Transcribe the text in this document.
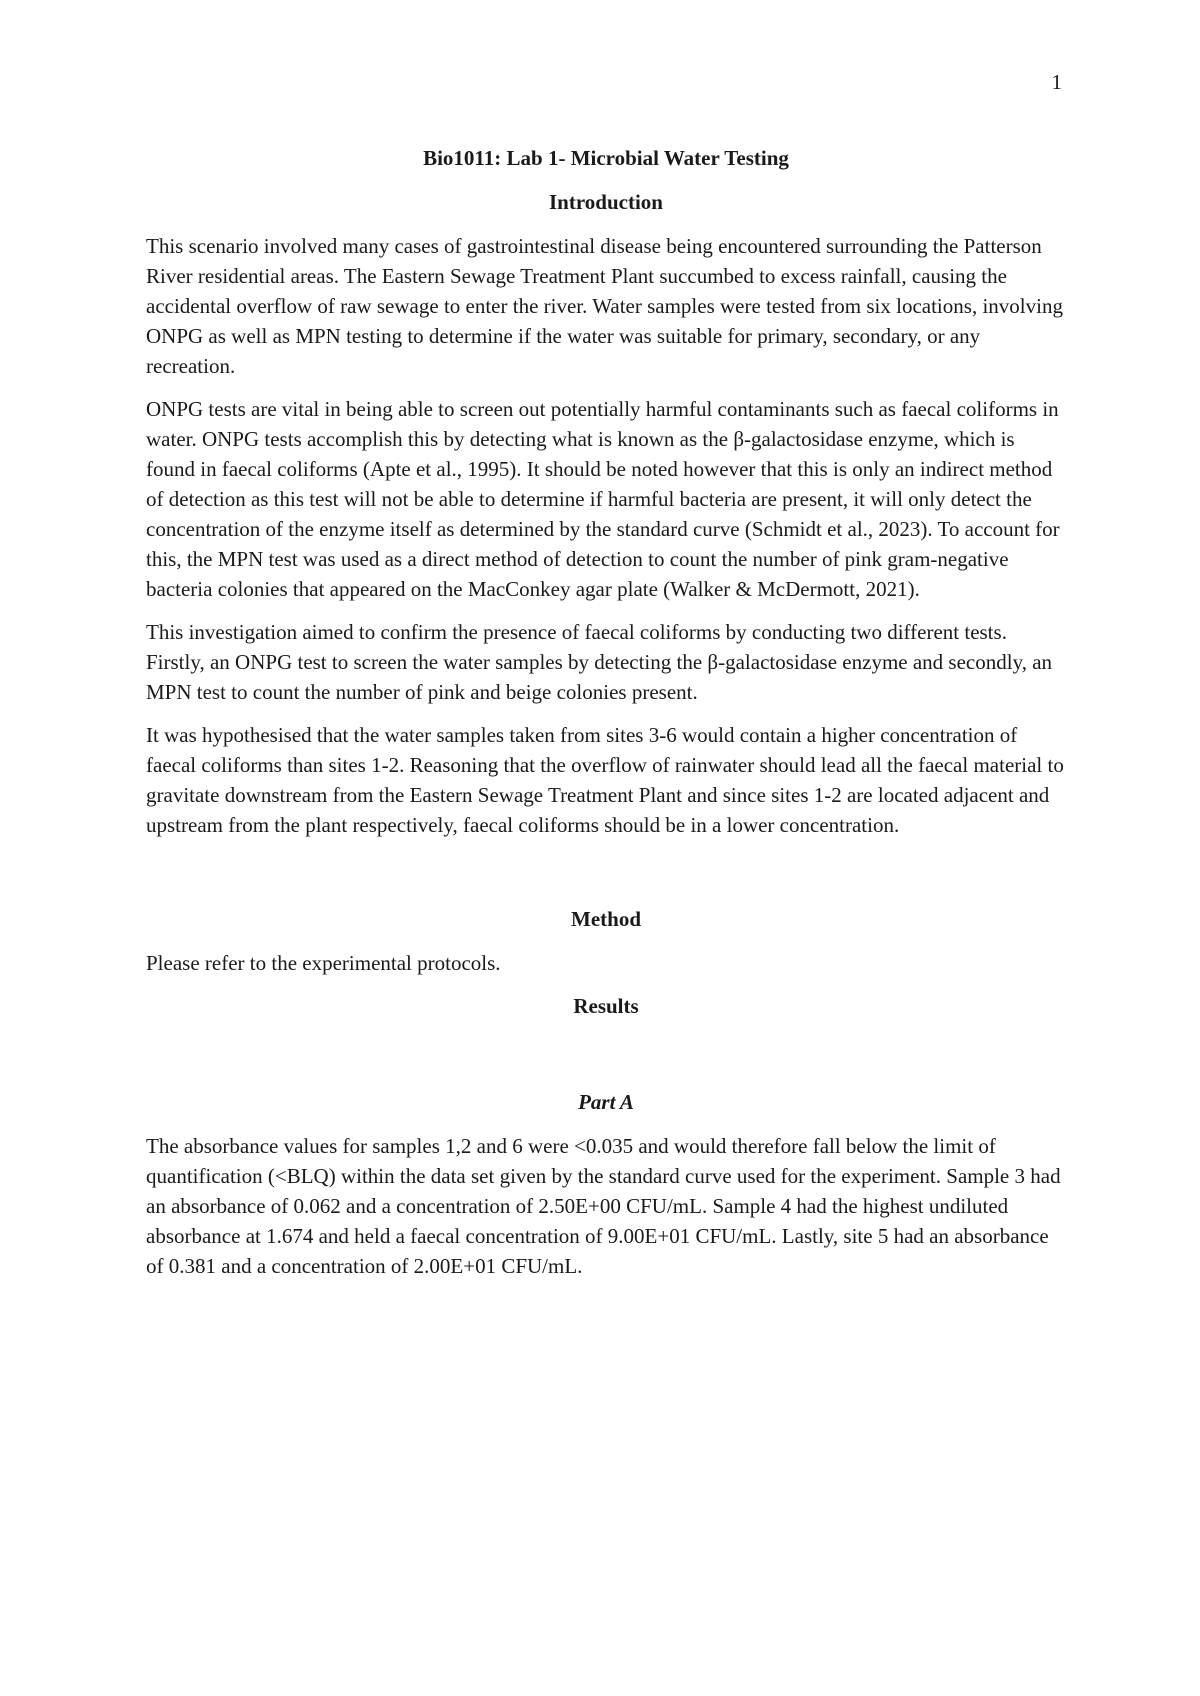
1
Bio1011: Lab 1- Microbial Water Testing
Introduction

This scenario involved many cases of gastrointestinal disease being encountered surrounding the Patterson River residential areas. The Eastern Sewage Treatment Plant succumbed to excess rainfall, causing the accidental overflow of raw sewage to enter the river. Water samples were tested from six locations, involving ONPG as well as MPN testing to determine if the water was suitable for primary, secondary, or any recreation.

ONPG tests are vital in being able to screen out potentially harmful contaminants such as faecal coliforms in water. ONPG tests accomplish this by detecting what is known as the β-galactosidase enzyme, which is found in faecal coliforms (Apte et al., 1995). It should be noted however that this is only an indirect method of detection as this test will not be able to determine if harmful bacteria are present, it will only detect the concentration of the enzyme itself as determined by the standard curve (Schmidt et al., 2023). To account for this, the MPN test was used as a direct method of detection to count the number of pink gram-negative bacteria colonies that appeared on the MacConkey agar plate (Walker & McDermott, 2021).

This investigation aimed to confirm the presence of faecal coliforms by conducting two different tests. Firstly, an ONPG test to screen the water samples by detecting the β-galactosidase enzyme and secondly, an MPN test to count the number of pink and beige colonies present.

It was hypothesised that the water samples taken from sites 3-6 would contain a higher concentration of faecal coliforms than sites 1-2. Reasoning that the overflow of rainwater should lead all the faecal material to gravitate downstream from the Eastern Sewage Treatment Plant and since sites 1-2 are located adjacent and upstream from the plant respectively, faecal coliforms should be in a lower concentration.

Method

Please refer to the experimental protocols.

Results
Part A

The absorbance values for samples 1,2 and 6 were <0.035 and would therefore fall below the limit of quantification (<BLQ) within the data set given by the standard curve used for the experiment. Sample 3 had an absorbance of 0.062 and a concentration of 2.50E+00 CFU/mL. Sample 4 had the highest undiluted absorbance at 1.674 and held a faecal concentration of 9.00E+01 CFU/mL. Lastly, site 5 had an absorbance of 0.381 and a concentration of 2.00E+01 CFU/mL.
